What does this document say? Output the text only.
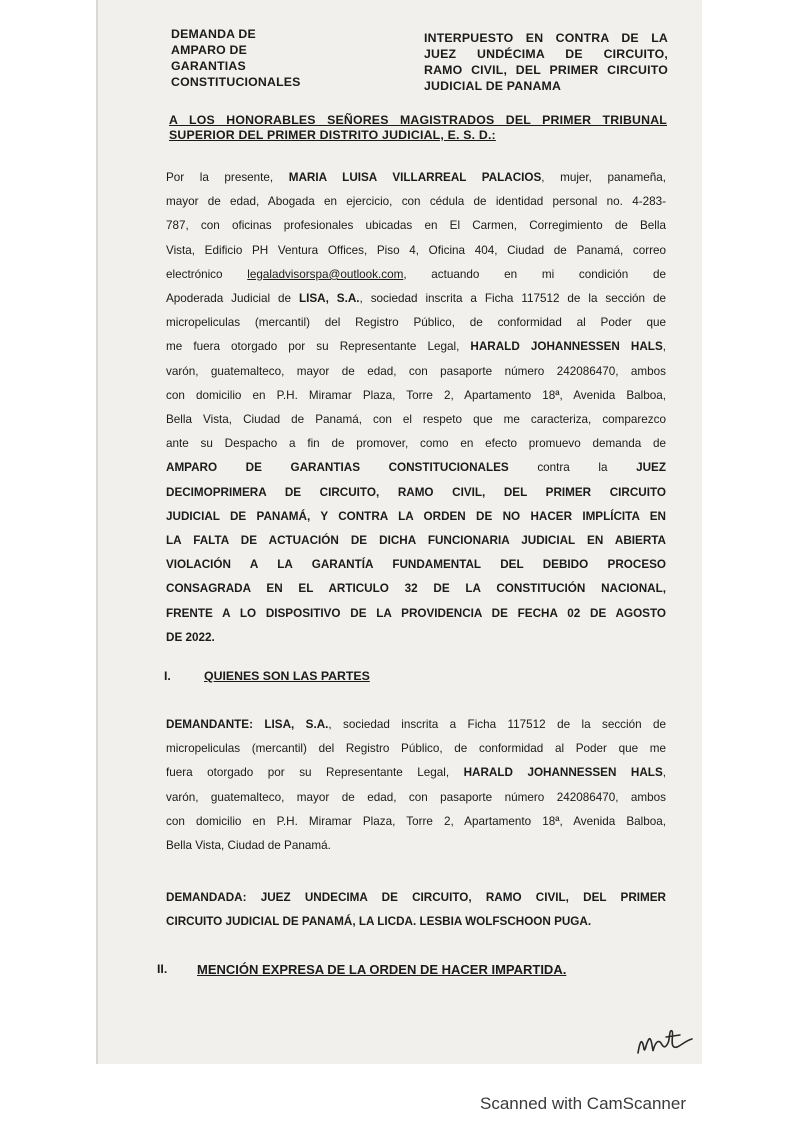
DEMANDA DE
AMPARO DE
GARANTIAS
CONSTITUCIONALES
INTERPUESTO EN CONTRA DE LA
JUEZ UNDÉCIMA DE CIRCUITO,
RAMO CIVIL, DEL PRIMER CIRCUITO
JUDICIAL DE PANAMA
A LOS HONORABLES SEÑORES MAGISTRADOS DEL PRIMER TRIBUNAL
SUPERIOR DEL PRIMER DISTRITO JUDICIAL, E. S. D.:
Por la presente, MARIA LUISA VILLARREAL PALACIOS, mujer, panameña,
mayor de edad, Abogada en ejercicio, con cédula de identidad personal no. 4-283-
787, con oficinas profesionales ubicadas en El Carmen, Corregimiento de Bella
Vista, Edificio PH Ventura Offices, Piso 4, Oficina 404, Ciudad de Panamá, correo
electrónico legaladvisorspa@outlook.com, actuando en mi condición de
Apoderada Judicial de LISA, S.A., sociedad inscrita a Ficha 117512 de la sección de
micropeliculas (mercantil) del Registro Público, de conformidad al Poder que
me fuera otorgado por su Representante Legal, HARALD JOHANNESSEN HALS,
varón, guatemalteco, mayor de edad, con pasaporte número 242086470, ambos
con domicilio en P.H. Miramar Plaza, Torre 2, Apartamento 18ª, Avenida Balboa,
Bella Vista, Ciudad de Panamá, con el respeto que me caracteriza, comparezco
ante su Despacho a fin de promover, como en efecto promuevo demanda de
AMPARO DE GARANTIAS CONSTITUCIONALES contra la JUEZ
DECIMOPRIMERA DE CIRCUITO, RAMO CIVIL, DEL PRIMER CIRCUITO
JUDICIAL DE PANAMÁ, Y CONTRA LA ORDEN DE NO HACER IMPLÍCITA EN
LA FALTA DE ACTUACIÓN DE DICHA FUNCIONARIA JUDICIAL EN ABIERTA
VIOLACIÓN A LA GARANTÍA FUNDAMENTAL DEL DEBIDO PROCESO
CONSAGRADA EN EL ARTICULO 32 DE LA CONSTITUCIÓN NACIONAL,
FRENTE A LO DISPOSITIVO DE LA PROVIDENCIA DE FECHA 02 DE AGOSTO
DE 2022.
I.	QUIENES SON LAS PARTES
DEMANDANTE: LISA, S.A., sociedad inscrita a Ficha 117512 de la sección de
micropeliculas (mercantil) del Registro Público, de conformidad al Poder que me
fuera otorgado por su Representante Legal, HARALD JOHANNESSEN HALS,
varón, guatemalteco, mayor de edad, con pasaporte número 242086470, ambos
con domicilio en P.H. Miramar Plaza, Torre 2, Apartamento 18ª, Avenida Balboa,
Bella Vista, Ciudad de Panamá.
DEMANDADA: JUEZ UNDECIMA DE CIRCUITO, RAMO CIVIL, DEL PRIMER
CIRCUITO JUDICIAL DE PANAMÁ, LA LICDA. LESBIA WOLFSCHOON PUGA.
II. MENCIÓN EXPRESA DE LA ORDEN DE HACER IMPARTIDA.
Scanned with CamScanner
